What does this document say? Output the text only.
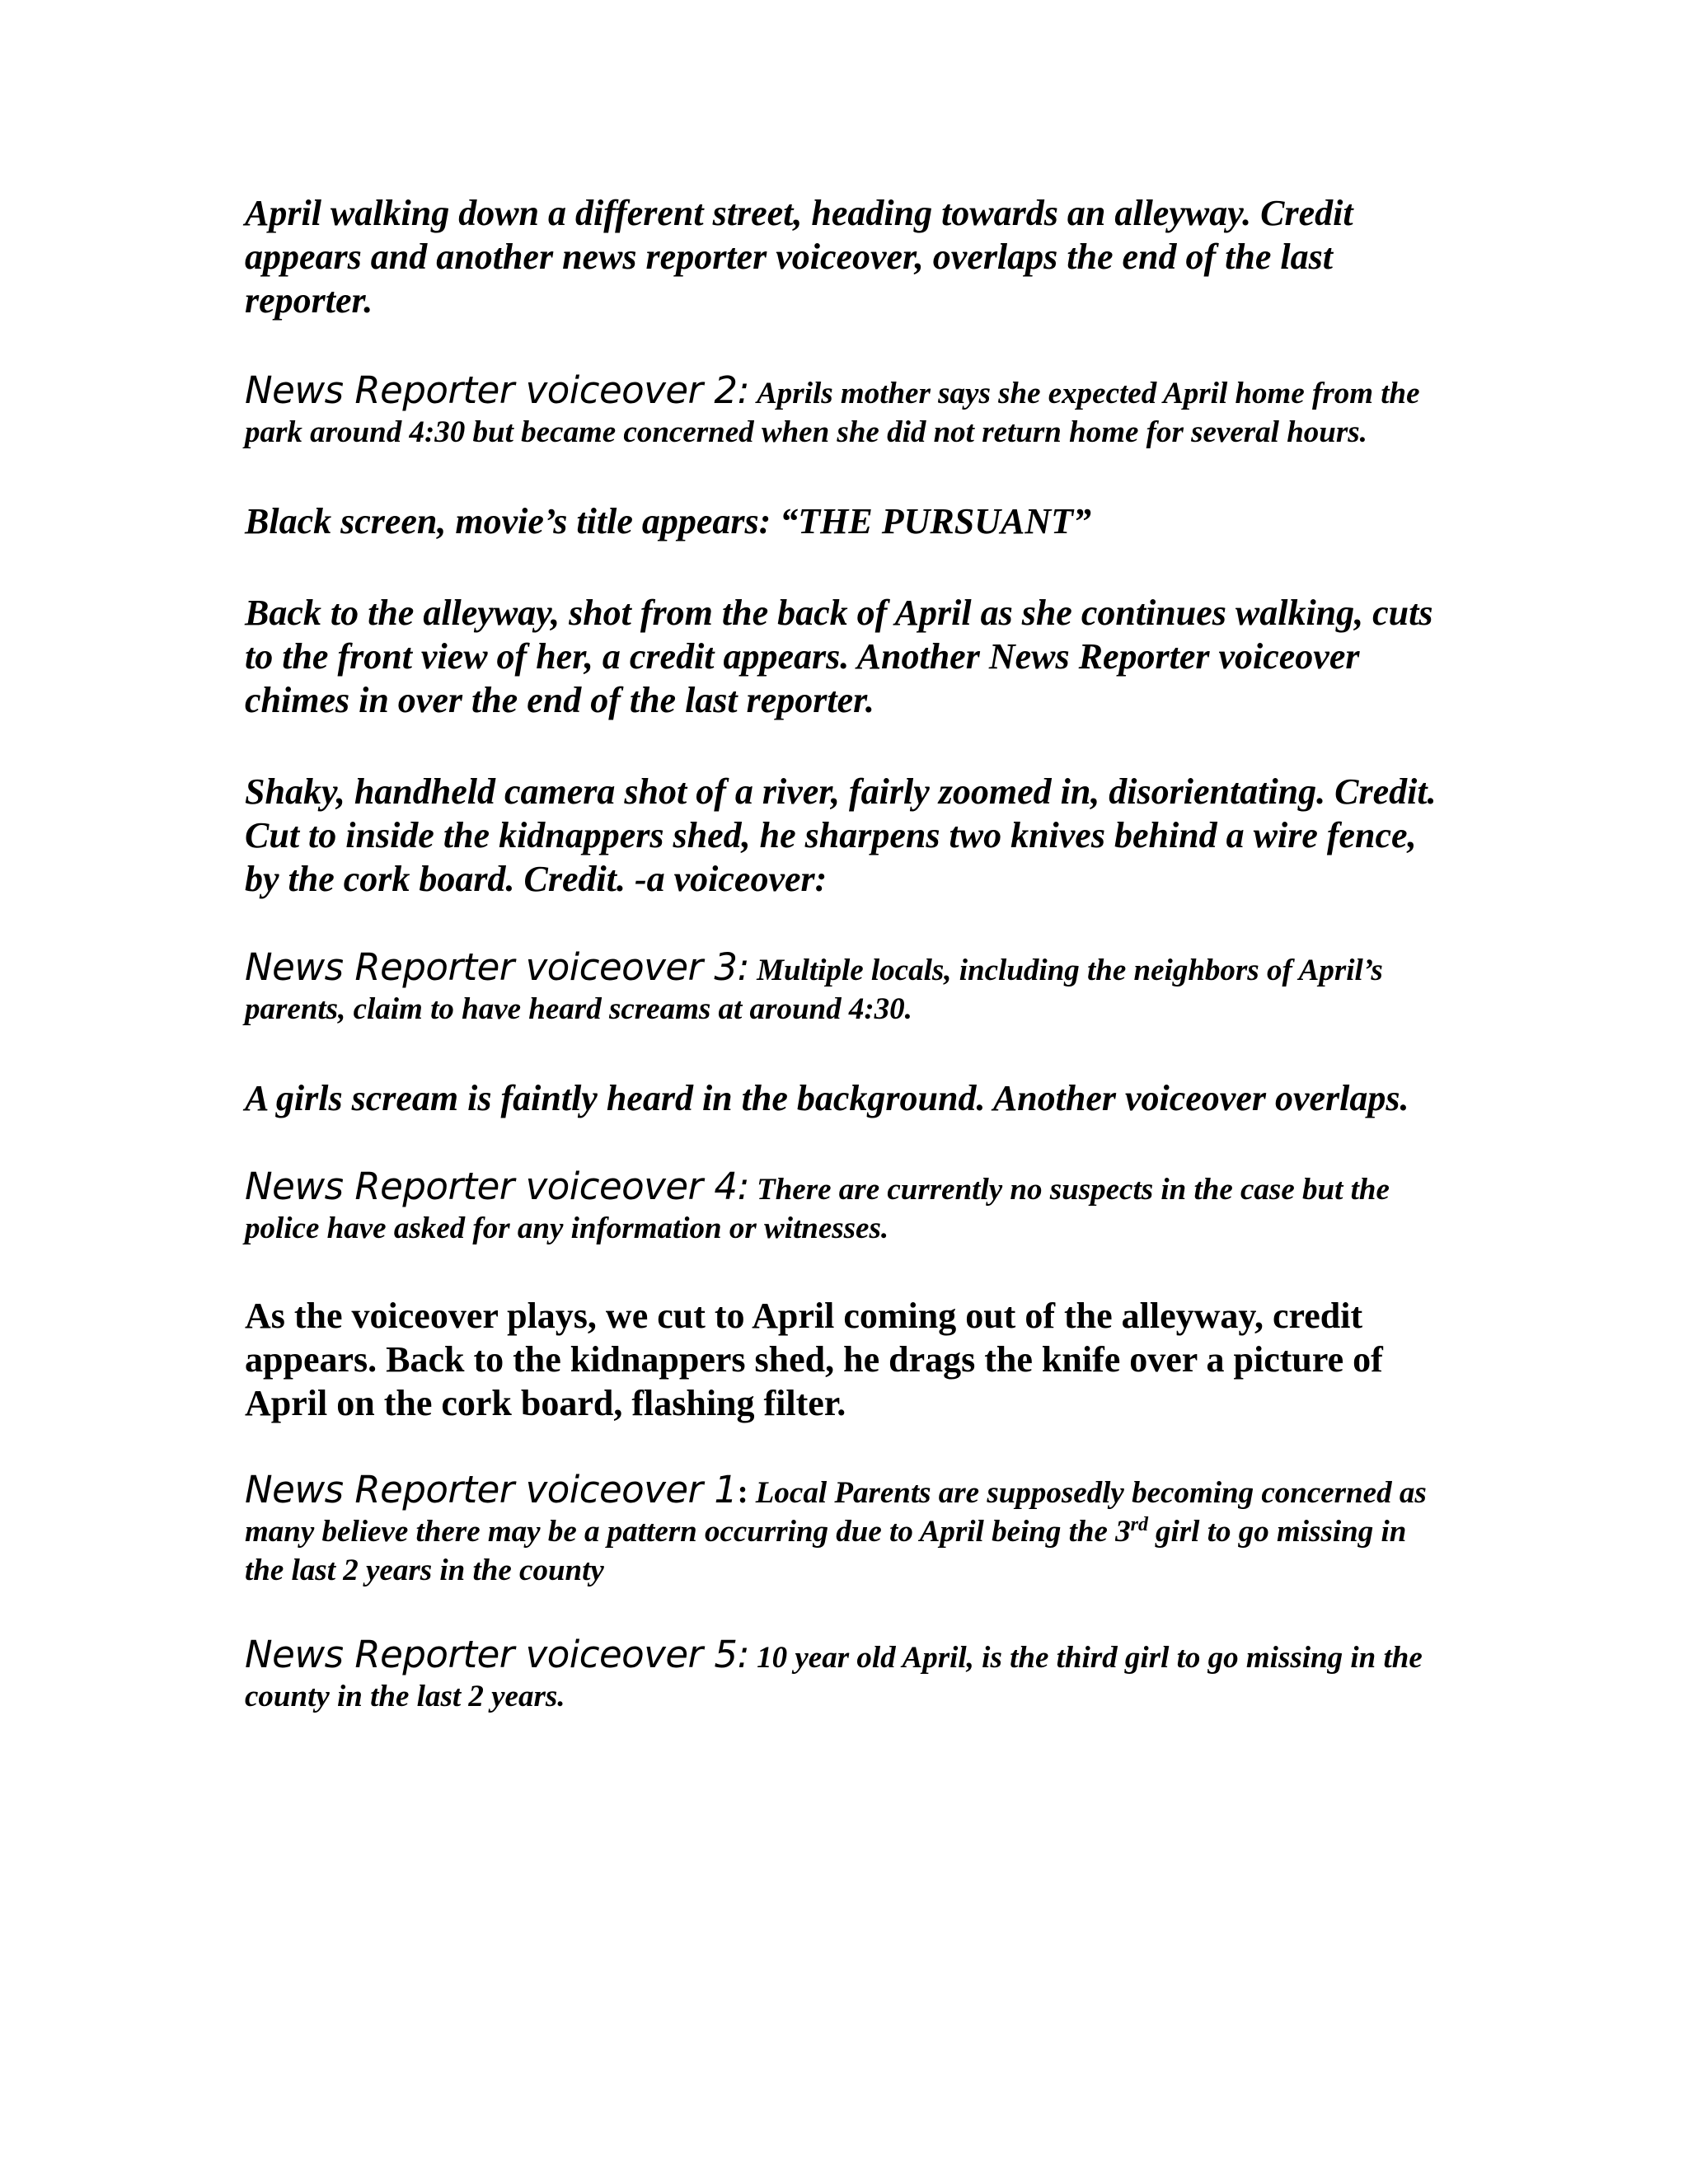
April walking down a different street, heading towards an alleyway. Credit appears and another news reporter voiceover, overlaps the end of the last reporter.

News Reporter voiceover 2: Aprils mother says she expected April home from the park around 4:30 but became concerned when she did not return home for several hours.

Black screen, movie’s title appears: “THE PURSUANT”

Back to the alleyway, shot from the back of April as she continues walking, cuts to the front view of her, a credit appears. Another News Reporter voiceover chimes in over the end of the last reporter.

Shaky, handheld camera shot of a river, fairly zoomed in, disorientating. Credit. Cut to inside the kidnappers shed, he sharpens two knives behind a wire fence, by the cork board. Credit. -a voiceover:

News Reporter voiceover 3: Multiple locals, including the neighbors of April’s parents, claim to have heard screams at around 4:30.

A girls scream is faintly heard in the background. Another voiceover overlaps.

News Reporter voiceover 4: There are currently no suspects in the case but the police have asked for any information or witnesses.

As the voiceover plays, we cut to April coming out of the alleyway, credit appears. Back to the kidnappers shed, he drags the knife over a picture of April on the cork board, flashing filter.

News Reporter voiceover 1: Local Parents are supposedly becoming concerned as many believe there may be a pattern occurring due to April being the 3rd girl to go missing in the last 2 years in the county

News Reporter voiceover 5: 10 year old April, is the third girl to go missing in the county in the last 2 years.
